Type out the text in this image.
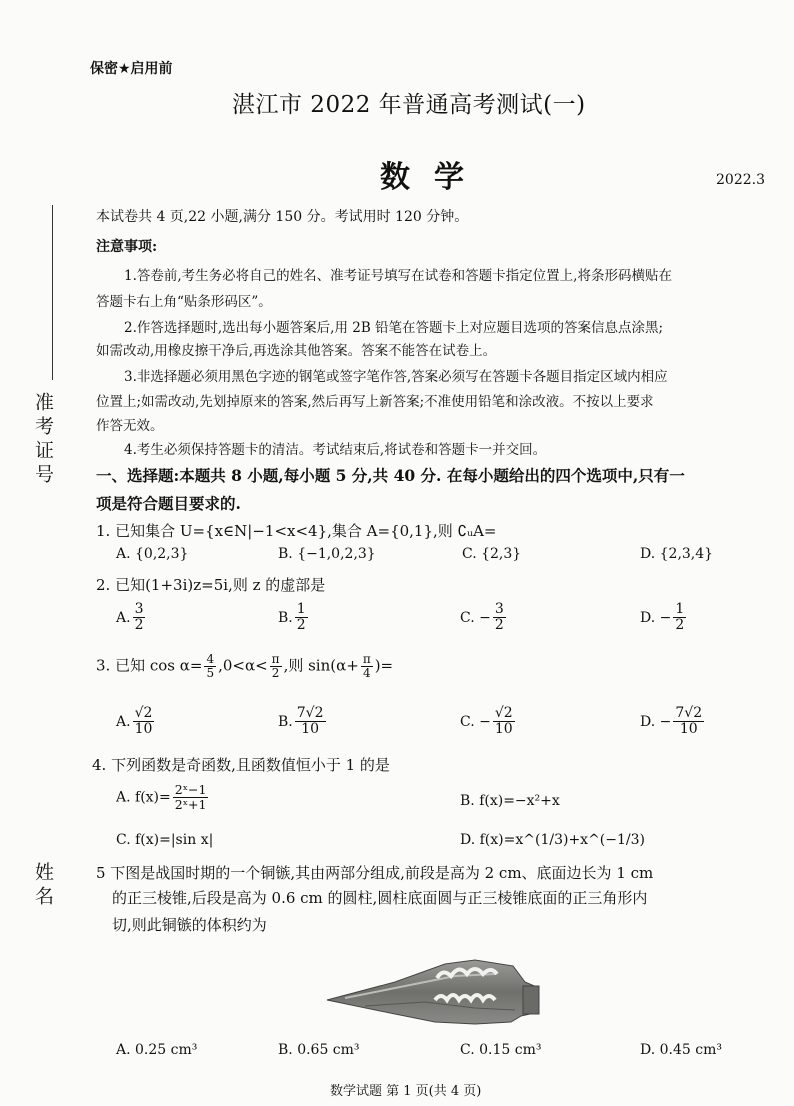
保密★启用前
湛江市 2022 年普通高考测试(一)
数学	2022.3
准考证号
姓名
本试卷共 4 页,22 小题,满分 150 分。考试用时 120 分钟。
注意事项:
1.答卷前,考生务必将自己的姓名、准考证号填写在试卷和答题卡指定位置上,将条形码横贴在
答题卡右上角“贴条形码区”。
2.作答选择题时,选出每小题答案后,用 2B 铅笔在答题卡上对应题目选项的答案信息点涂黑;
如需改动,用橡皮擦干净后,再选涂其他答案。答案不能答在试卷上。
3.非选择题必须用黑色字迹的钢笔或签字笔作答,答案必须写在答题卡各题目指定区域内相应
位置上;如需改动,先划掉原来的答案,然后再写上新答案;不准使用铅笔和涂改液。不按以上要求
作答无效。
4.考生必须保持答题卡的清洁。考试结束后,将试卷和答题卡一并交回。
一、选择题:本题共 8 小题,每小题 5 分,共 40 分. 在每小题给出的四个选项中,只有一
项是符合题目要求的.
1. 已知集合 U={x∈N|−1<x<4},集合 A={0,1},则 ∁ᵤA=
A. {0,2,3}	B. {−1,0,2,3}	C. {2,3}	D. {2,3,4}
2. 已知(1+3i)z=5i,则 z 的虚部是
A. $\frac{3}{2}$	B. $\frac{1}{2}$	C. − $\frac{3}{2}$	D. − $\frac{1}{2}$
3. 已知 $\cos \alpha= \frac{4}{5} ,0<\alpha< \frac{\pi}{2}$ ,则 $\sin(\alpha+ \frac{\pi}{4}$ )=
A. $\frac{√2}{10}$	B. $\frac{7√2}{10}$	C. − $\frac{√2}{10}$	D. − $\frac{7√2}{10}$
4. 下列函数是奇函数,且函数值恒小于 1 的是
A. $f(x)= \frac{\text{2ˣ−1}}{\text{2ˣ+1}}$	B. f(x)=−x²+x
C. f(x)=|sin x|	D. f(x)=x^(1/3)+x^(−1/3)
5 下图是战国时期的一个铜镞,其由两部分组成,前段是高为 2 cm、底面边长为 1 cm
的正三棱锥,后段是高为 0.6 cm 的圆柱,圆柱底面圆与正三棱锥底面的正三角形内
切,则此铜镞的体积约为
A. 0.25 cm³	B. 0.65 cm³	C. 0.15 cm³	D. 0.45 cm³
数学试题 第 1 页(共 4 页)
